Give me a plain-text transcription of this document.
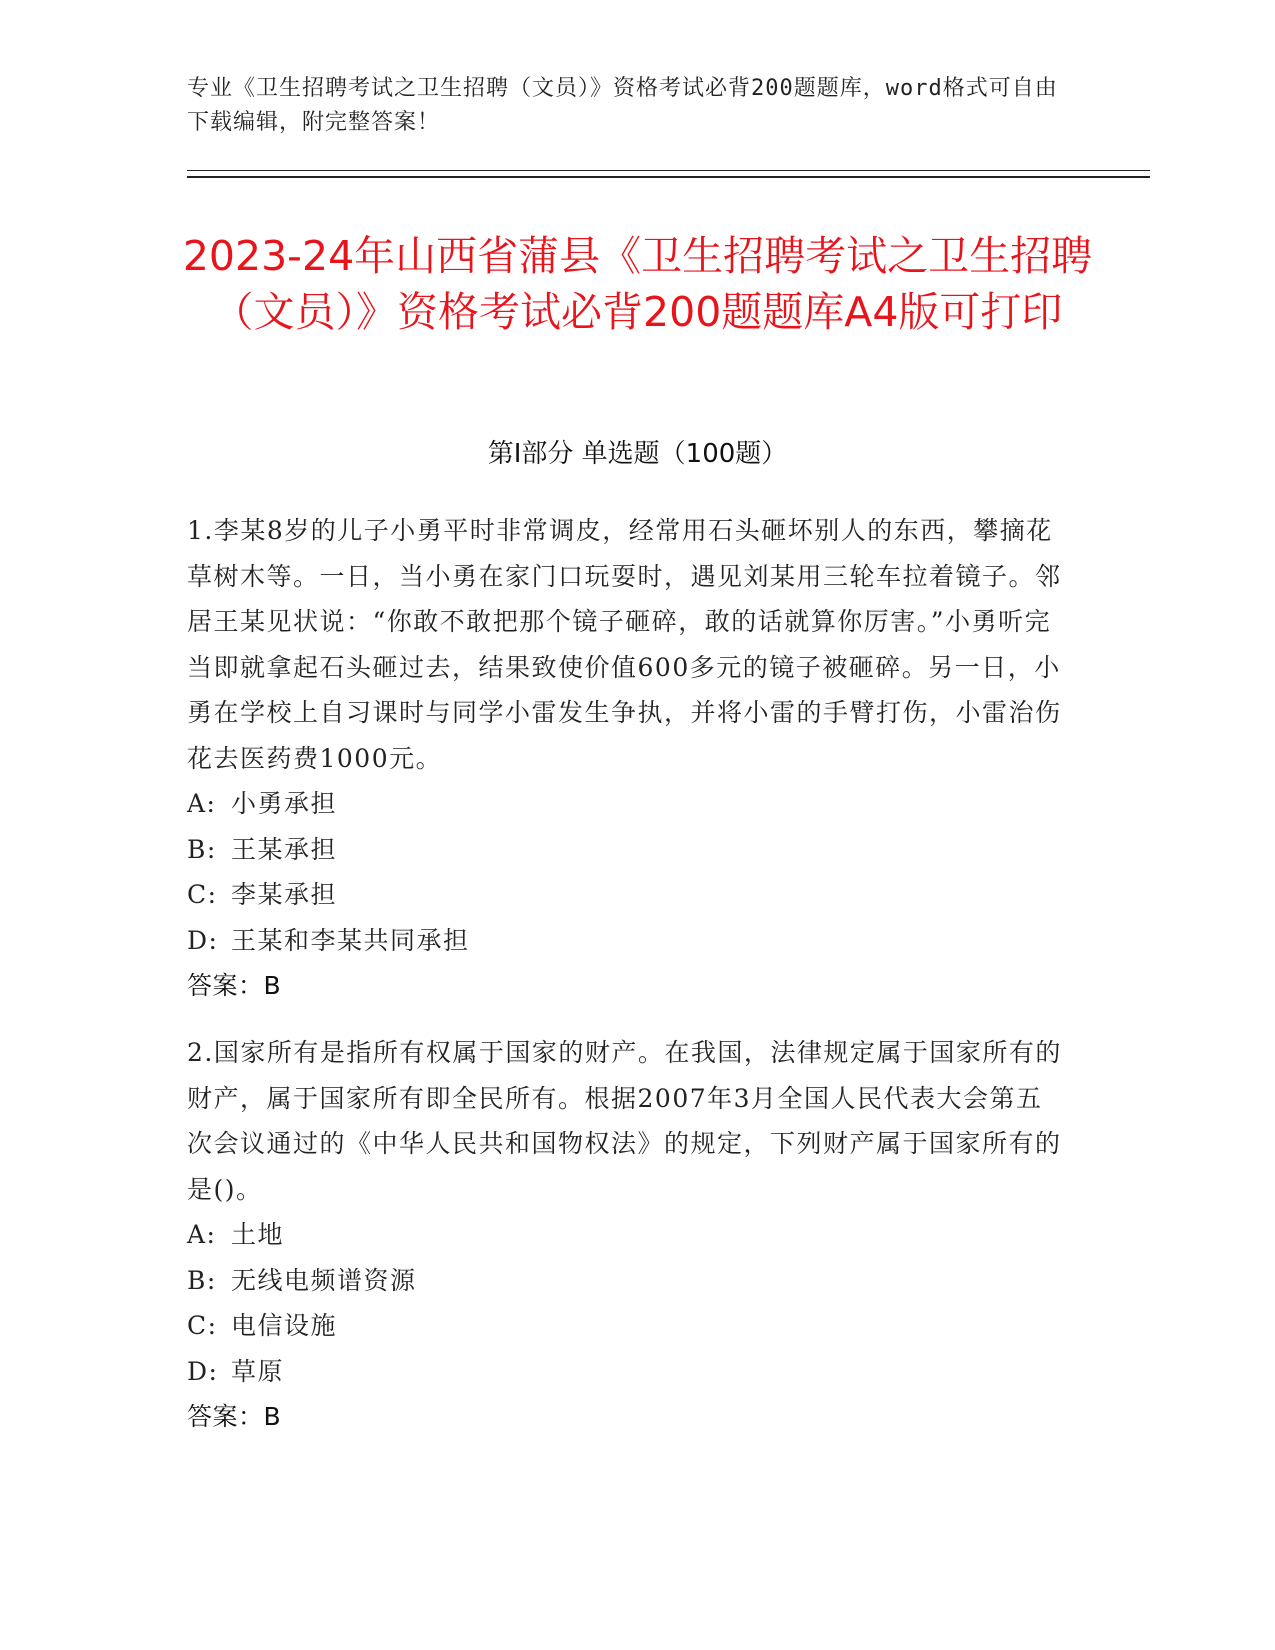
专业《卫生招聘考试之卫生招聘（文员）》资格考试必背200题题库，word格式可自由下载编辑，附完整答案！
2023-24年山西省蒲县《卫生招聘考试之卫生招聘（文员）》资格考试必背200题题库A4版可打印
第I部分 单选题（100题）

1.李某8岁的儿子小勇平时非常调皮，经常用石头砸坏别人的东西，攀摘花草树木等。一日，当小勇在家门口玩耍时，遇见刘某用三轮车拉着镜子。邻居王某见状说：“你敢不敢把那个镜子砸碎，敢的话就算你厉害。”小勇听完当即就拿起石头砸过去，结果致使价值600多元的镜子被砸碎。另一日，小勇在学校上自习课时与同学小雷发生争执，并将小雷的手臂打伤，小雷治伤花去医药费1000元。

A: 小勇承担

B: 王某承担

C: 李某承担

D: 王某和李某共同承担

答案：B

2.国家所有是指所有权属于国家的财产。在我国，法律规定属于国家所有的财产，属于国家所有即全民所有。根据2007年3月全国人民代表大会第五次会议通过的《中华人民共和国物权法》的规定，下列财产属于国家所有的是()。

A: 土地

B: 无线电频谱资源

C: 电信设施

D: 草原

答案：B
